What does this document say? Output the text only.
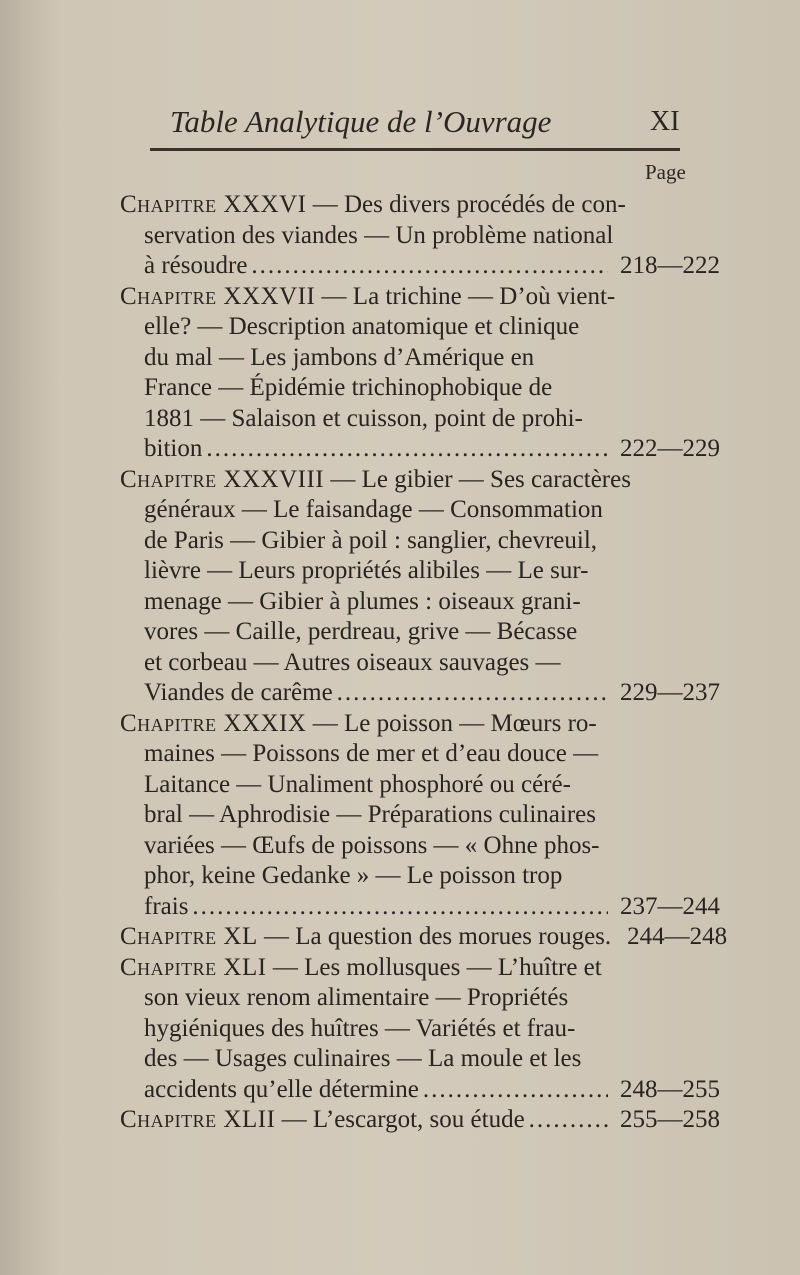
Table Analytique de l’Ouvrage	XI
Page
Chapitre XXXVI — Des divers procédés de con-
servation des viandes — Un problème national
à résoudre .....	218—222
Chapitre XXXVII — La trichine — D’où vient-
elle? — Description anatomique et clinique
du mal — Les jambons d’Amérique en
France — Épidémie trichinophobique de
1881 — Salaison et cuisson, point de prohi-
bition .....	222—229
Chapitre XXXVIII — Le gibier — Ses caractères
généraux — Le faisandage — Consommation
de Paris — Gibier à poil : sanglier, chevreuil,
lièvre — Leurs propriétés alibiles — Le sur-
menage — Gibier à plumes : oiseaux grani-
vores — Caille, perdreau, grive — Bécasse
et corbeau — Autres oiseaux sauvages —
Viandes de carême .....	229—237
Chapitre XXXIX — Le poisson — Mœurs ro-
maines — Poissons de mer et d’eau douce —
Laitance — Unaliment phosphoré ou céré-
bral — Aphrodisie — Préparations culinaires
variées — Œufs de poissons — « Ohne phos-
phor, keine Gedanke » — Le poisson trop
frais .....	237—244
Chapitre XL — La question des morues rouges. 244—248
Chapitre XLI — Les mollusques — L’huître et
son vieux renom alimentaire — Propriétés
hygiéniques des huîtres — Variétés et frau-
des — Usages culinaires — La moule et les
accidents qu’elle détermine .....	248—255
Chapitre XLII — L’escargot, sou étude .....	255—258
